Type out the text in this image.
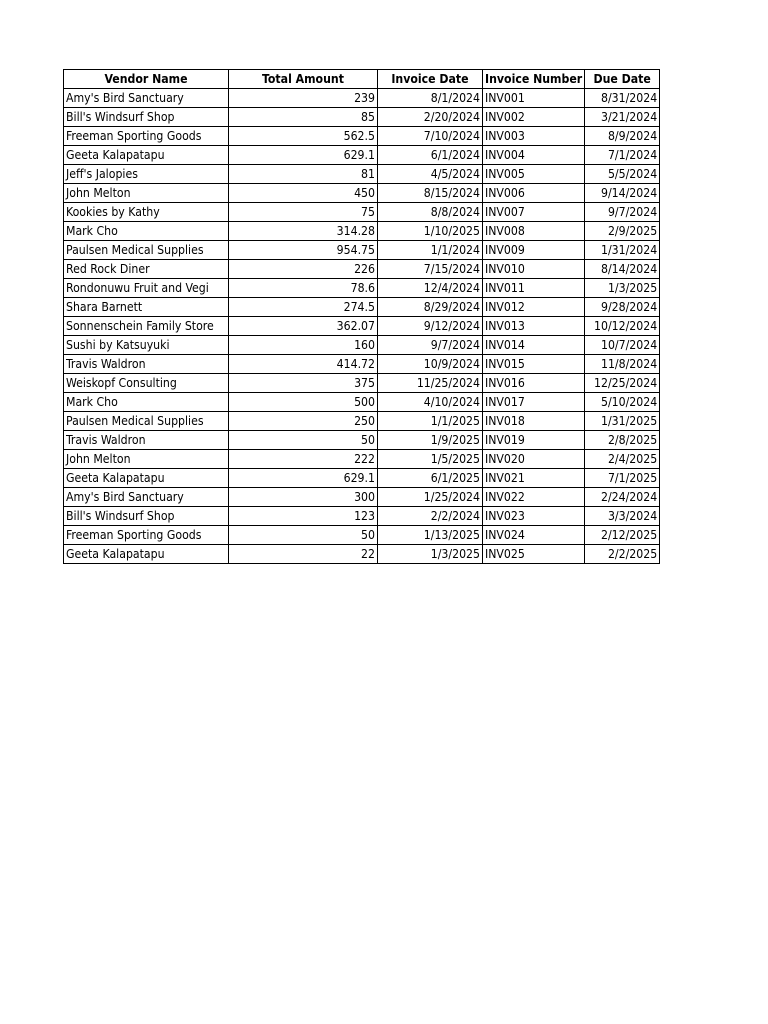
Vendor Name	Total Amount	Invoice Date	Invoice Number	Due Date
Amy's Bird Sanctuary	239	8/1/2024	INV001	8/31/2024
Bill's Windsurf Shop	85	2/20/2024	INV002	3/21/2024
Freeman Sporting Goods	562.5	7/10/2024	INV003	8/9/2024
Geeta Kalapatapu	629.1	6/1/2024	INV004	7/1/2024
Jeff's Jalopies	81	4/5/2024	INV005	5/5/2024
John Melton	450	8/15/2024	INV006	9/14/2024
Kookies by Kathy	75	8/8/2024	INV007	9/7/2024
Mark Cho	314.28	1/10/2025	INV008	2/9/2025
Paulsen Medical Supplies	954.75	1/1/2024	INV009	1/31/2024
Red Rock Diner	226	7/15/2024	INV010	8/14/2024
Rondonuwu Fruit and Vegi	78.6	12/4/2024	INV011	1/3/2025
Shara Barnett	274.5	8/29/2024	INV012	9/28/2024
Sonnenschein Family Store	362.07	9/12/2024	INV013	10/12/2024
Sushi by Katsuyuki	160	9/7/2024	INV014	10/7/2024
Travis Waldron	414.72	10/9/2024	INV015	11/8/2024
Weiskopf Consulting	375	11/25/2024	INV016	12/25/2024
Mark Cho	500	4/10/2024	INV017	5/10/2024
Paulsen Medical Supplies	250	1/1/2025	INV018	1/31/2025
Travis Waldron	50	1/9/2025	INV019	2/8/2025
John Melton	222	1/5/2025	INV020	2/4/2025
Geeta Kalapatapu	629.1	6/1/2025	INV021	7/1/2025
Amy's Bird Sanctuary	300	1/25/2024	INV022	2/24/2024
Bill's Windsurf Shop	123	2/2/2024	INV023	3/3/2024
Freeman Sporting Goods	50	1/13/2025	INV024	2/12/2025
Geeta Kalapatapu	22	1/3/2025	INV025	2/2/2025
